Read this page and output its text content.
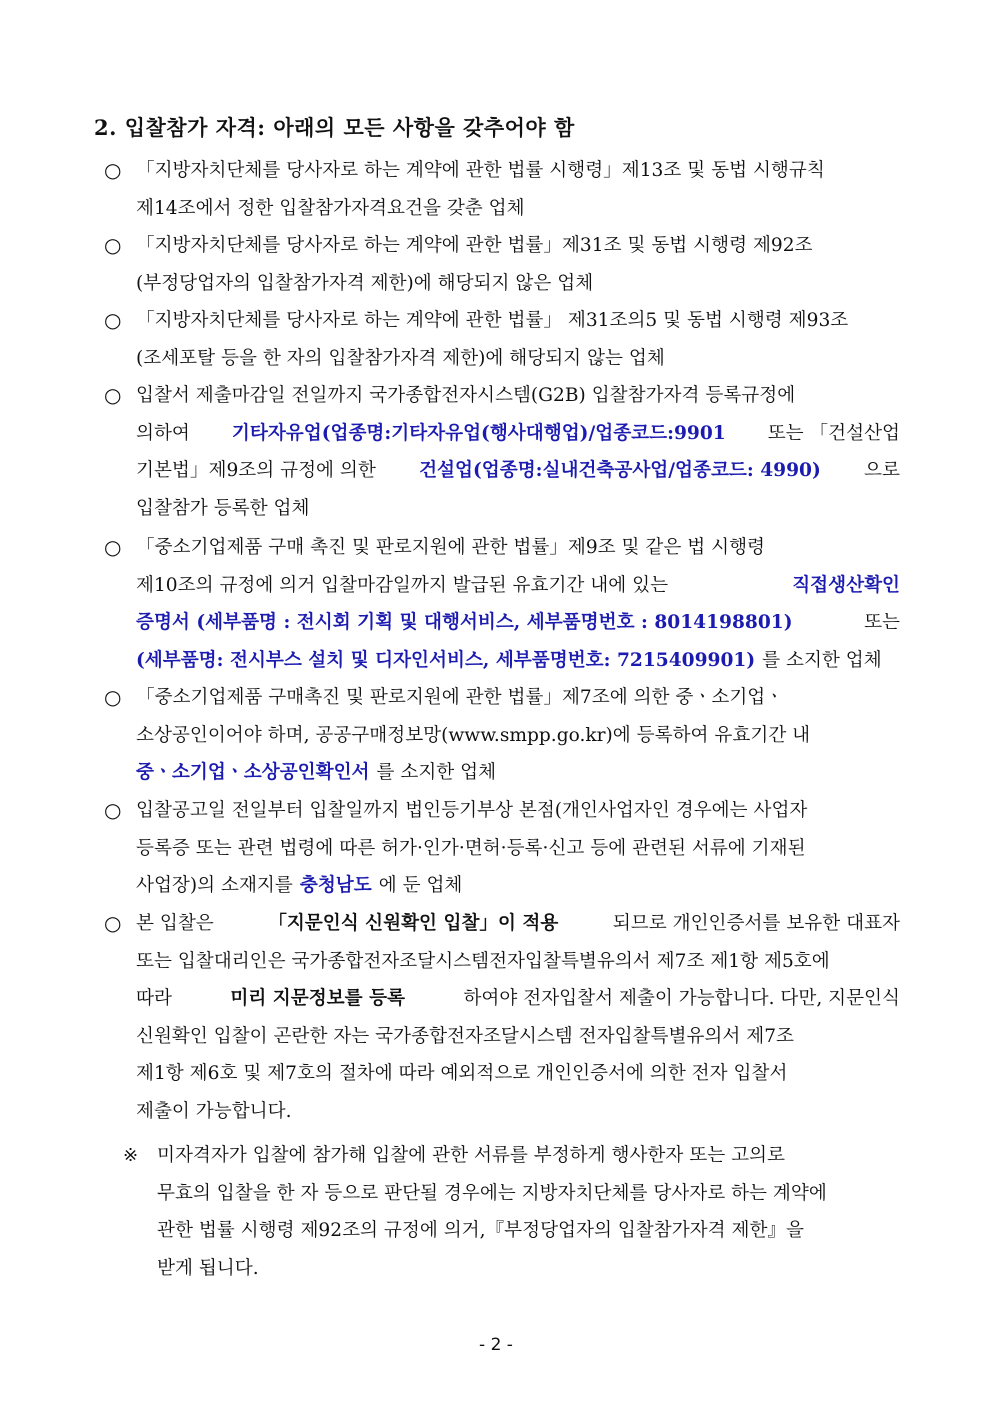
2. 입찰참가 자격: 아래의 모든 사항을 갖추어야 함
○ 「지방자치단체를 당사자로 하는 계약에 관한 법률 시행령」제13조 및 동법 시행규칙
제14조에서 정한 입찰참가자격요건을 갖춘 업체
○ 「지방자치단체를 당사자로 하는 계약에 관한 법률」제31조 및 동법 시행령 제92조
(부정당업자의 입찰참가자격 제한)에 해당되지 않은 업체
○ 「지방자치단체를 당사자로 하는 계약에 관한 법률」 제31조의5 및 동법 시행령 제93조
(조세포탈 등을 한 자의 입찰참가자격 제한)에 해당되지 않는 업체
○ 입찰서 제출마감일 전일까지 국가종합전자시스템(G2B) 입찰참가자격 등록규정에
의하여 기타자유업(업종명:기타자유업(행사대행업)/업종코드:9901 또는 「건설산업
기본법」제9조의 규정에 의한 건설업(업종명:실내건축공사업/업종코드: 4990) 으로
입찰참가 등록한 업체
○ 「중소기업제품 구매 촉진 및 판로지원에 관한 법률」제9조 및 같은 법 시행령
제10조의 규정에 의거 입찰마감일까지 발급된 유효기간 내에 있는	직접생산확인
증명서 (세부품명 : 전시회 기획 및 대행서비스, 세부품명번호 : 8014198801)	또는
(세부품명: 전시부스 설치 및 디자인서비스, 세부품명번호: 7215409901) 를 소지한 업체
○ 「중소기업제품 구매촉진 및 판로지원에 관한 법률」제7조에 의한 중ㆍ소기업ㆍ
소상공인이어야 하며, 공공구매정보망(www.smpp.go.kr)에 등록하여 유효기간 내
중ㆍ소기업ㆍ소상공인확인서 를 소지한 업체
○ 입찰공고일 전일부터 입찰일까지 법인등기부상 본점(개인사업자인 경우에는 사업자
등록증 또는 관련 법령에 따른 허가·인가·면허·등록·신고 등에 관련된 서류에 기재된
사업장)의 소재지를 충청남도 에 둔 업체
○ 본 입찰은	「지문인식 신원확인 입찰」이 적용	되므로 개인인증서를 보유한 대표자
또는 입찰대리인은 국가종합전자조달시스템전자입찰특별유의서 제7조 제1항 제5호에
따라	미리 지문정보를 등록	하여야 전자입찰서 제출이 가능합니다. 다만, 지문인식
신원확인 입찰이 곤란한 자는 국가종합전자조달시스템 전자입찰특별유의서 제7조
제1항 제6호 및 제7호의 절차에 따라 예외적으로 개인인증서에 의한 전자 입찰서
제출이 가능합니다.
※ 미자격자가 입찰에 참가해 입찰에 관한 서류를 부정하게 행사한자 또는 고의로
무효의 입찰을 한 자 등으로 판단될 경우에는 지방자치단체를 당사자로 하는 계약에
관한 법률 시행령 제92조의 규정에 의거,『부정당업자의 입찰참가자격 제한』을
받게 됩니다.
- 2 -
